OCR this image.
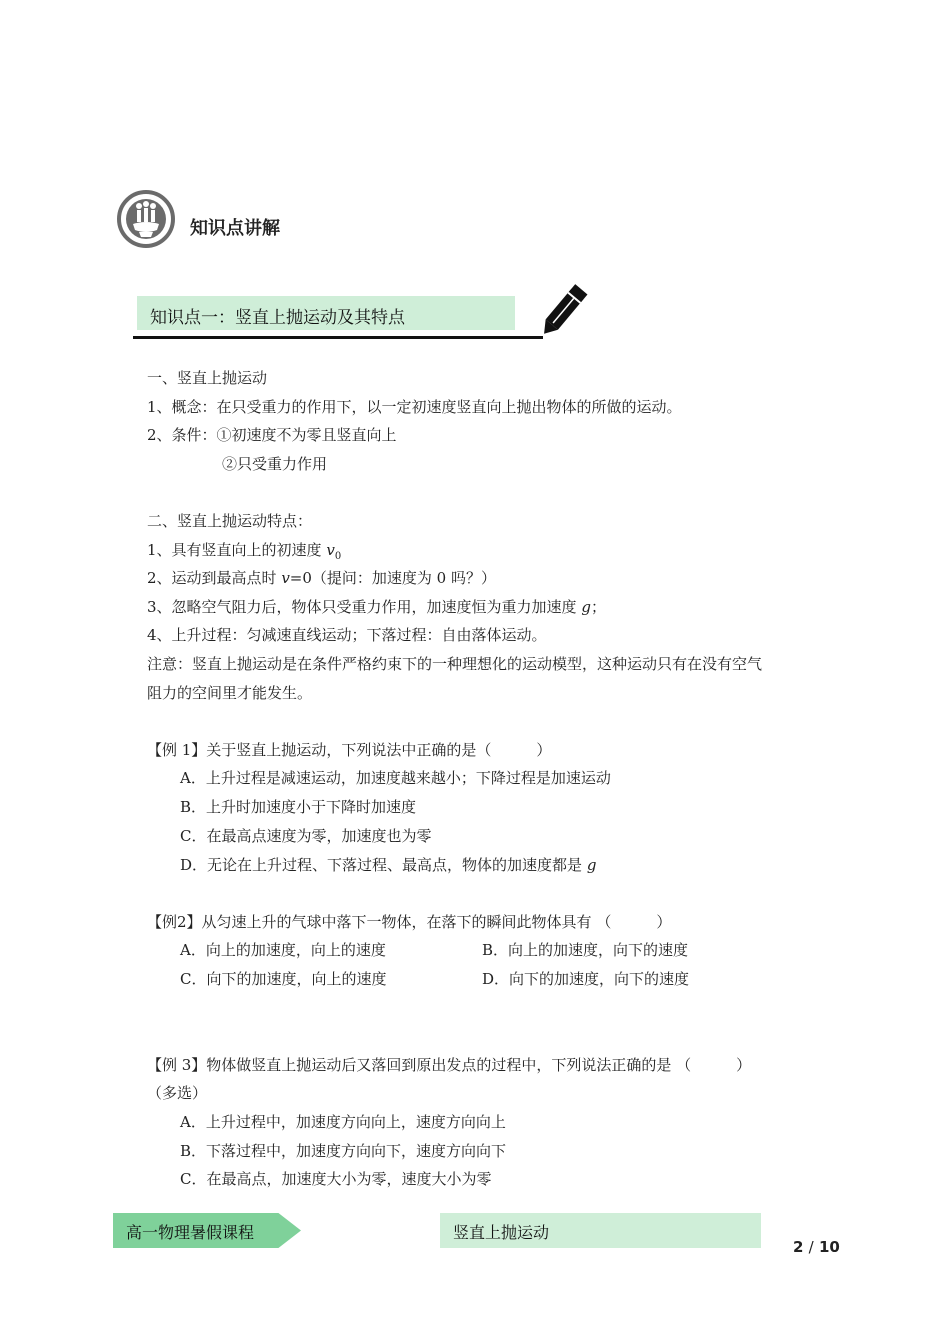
知识点讲解
知识点一：竖直上抛运动及其特点
一、竖直上抛运动
1、概念：在只受重力的作用下，以一定初速度竖直向上抛出物体的所做的运动。
2、条件：①初速度不为零且竖直向上
②只受重力作用
二、竖直上抛运动特点：
1、具有竖直向上的初速度 $v_0$
2、运动到最高点时 v=0（提问：加速度为 0 吗？）
3、忽略空气阻力后，物体只受重力作用，加速度恒为重力加速度 g；
4、上升过程：匀减速直线运动；下落过程：自由落体运动。
注意：竖直上抛运动是在条件严格约束下的一种理想化的运动模型，这种运动只有在没有空气
阻力的空间里才能发生。
【例 1】关于竖直上抛运动，下列说法中正确的是（　　　）
A．上升过程是减速运动，加速度越来越小；下降过程是加速运动
B．上升时加速度小于下降时加速度
C．在最高点速度为零，加速度也为零
D．无论在上升过程、下落过程、最高点，物体的加速度都是 g
【例2】从匀速上升的气球中落下一物体，在落下的瞬间此物体具有 （　　　）
A．向上的加速度，向上的速度	B．向上的加速度，向下的速度
C．向下的加速度，向上的速度	D．向下的加速度，向下的速度
【例 3】物体做竖直上抛运动后又落回到原出发点的过程中，下列说法正确的是 （　　　）
（多选）
A．上升过程中，加速度方向向上，速度方向向上
B．下落过程中，加速度方向向下，速度方向向下
C．在最高点，加速度大小为零，速度大小为零
高一物理暑假课程	竖直上抛运动
2 / 10
